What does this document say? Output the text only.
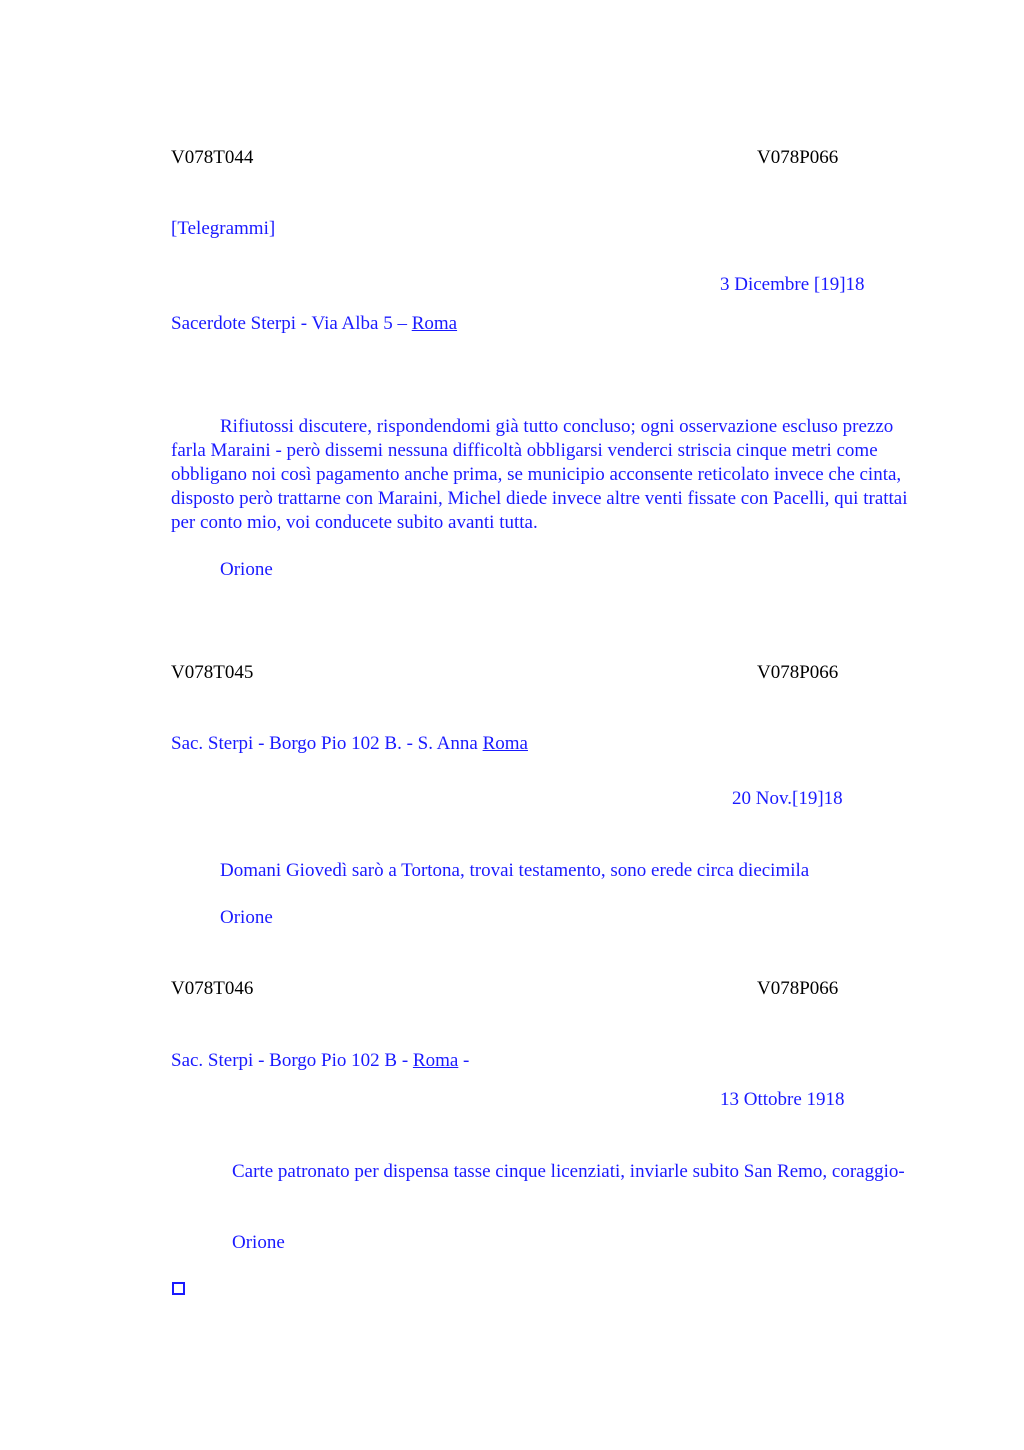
V078T044	V078P066
[Telegrammi]
3 Dicembre [19]18
Sacerdote Sterpi - Via Alba 5 – Roma
Rifiutossi discutere, rispondendomi già tutto concluso; ogni osservazione escluso prezzo farla Maraini - però dissemi nessuna difficoltà obbligarsi venderci striscia cinque metri come obbligano noi così pagamento anche prima, se municipio acconsente reticolato invece che cinta, disposto però trattarne con Maraini, Michel diede invece altre venti fissate con Pacelli, qui trattai per conto mio, voi conducete subito avanti tutta.
Orione
V078T045	V078P066
Sac. Sterpi - Borgo Pio 102 B. - S. Anna Roma
20 Nov.[19]18
Domani Giovedì sarò a Tortona, trovai testamento, sono erede circa diecimila
Orione
V078T046	V078P066
Sac. Sterpi - Borgo Pio 102 B - Roma -
13 Ottobre 1918
Carte patronato per dispensa tasse cinque licenziati, inviarle subito San Remo, coraggio-
Orione
